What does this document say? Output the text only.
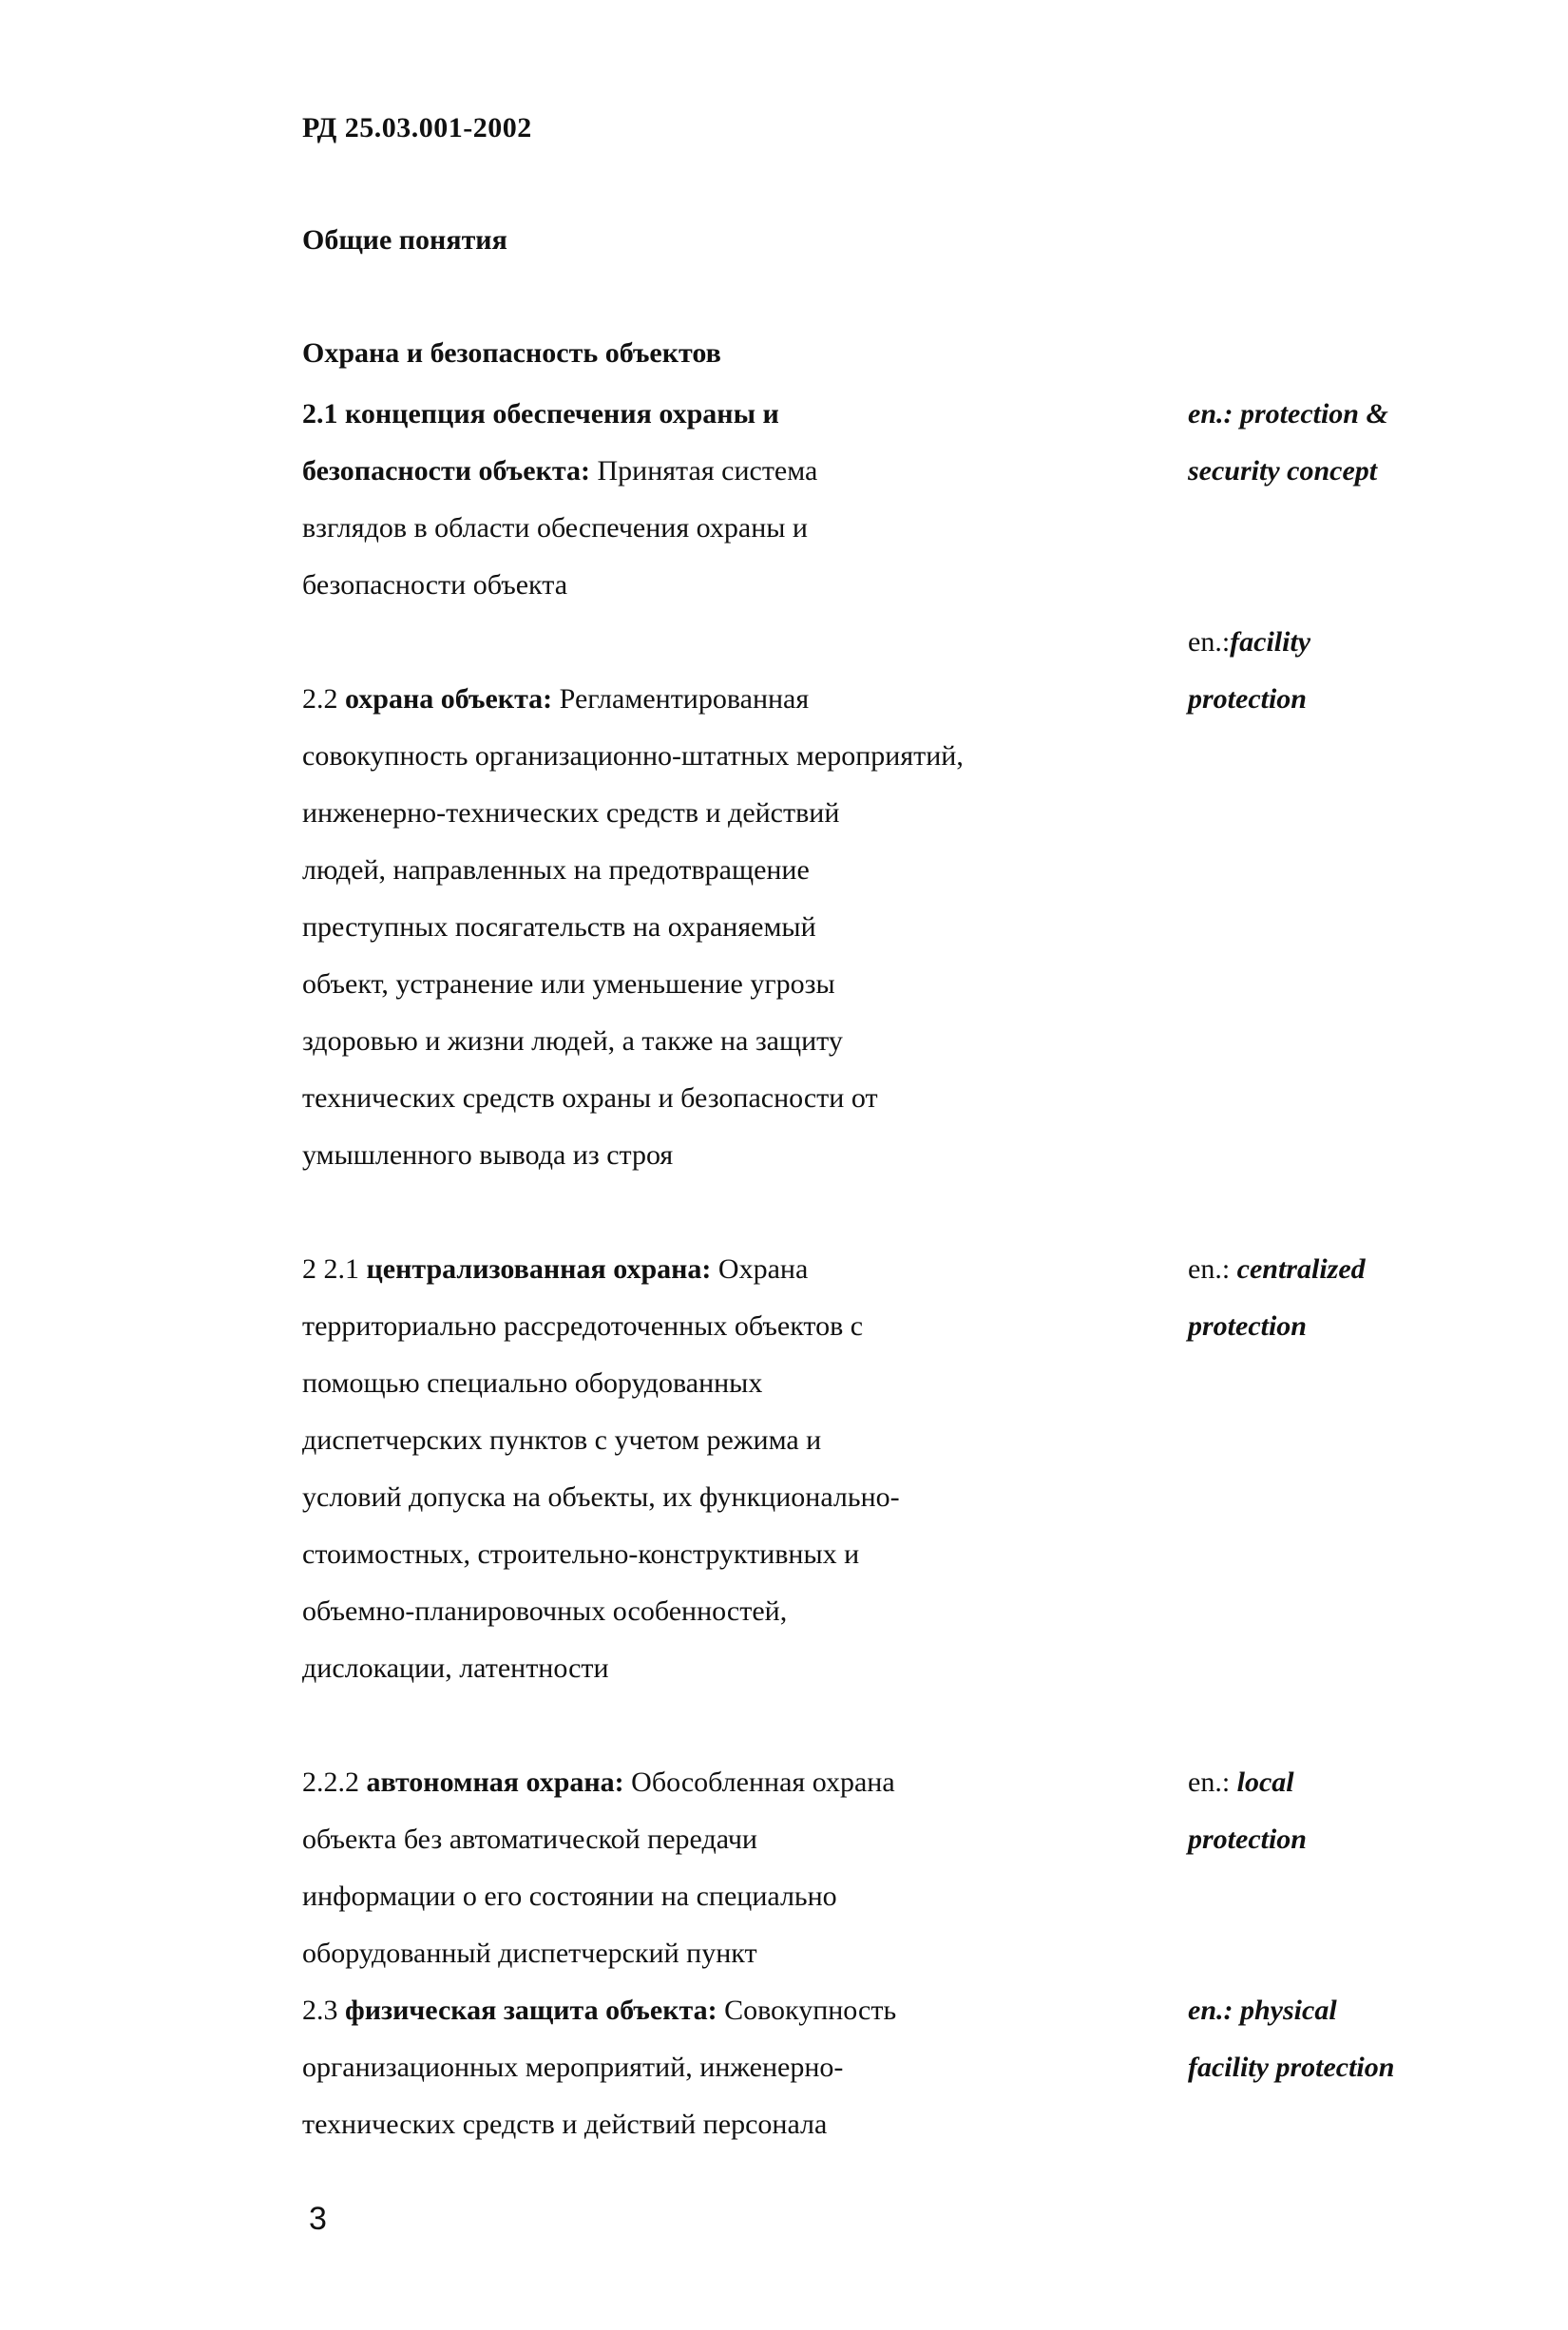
РД 25.03.001-2002
Общие понятия
Охрана и безопасность объектов
2.1 концепция обеспечения охраны и
безопасности объекта: Принятая система
взглядов в области обеспечения охраны и
безопасности объекта
en.: protection &
security concept
2.2 охрана объекта: Регламентированная
совокупность организационно-штатных мероприятий,
инженерно-технических средств и действий
людей, направленных на предотвращение
преступных посягательств на охраняемый
объект, устранение или уменьшение угрозы
здоровью и жизни людей, а также на защиту
технических средств охраны и безопасности от
умышленного вывода из строя
en.:facility
protection
2 2.1 централизованная охрана: Охрана
территориально рассредоточенных объектов с
помощью специально оборудованных
диспетчерских пунктов с учетом режима и
условий допуска на объекты, их функционально-
стоимостных, строительно-конструктивных и
объемно-планировочных особенностей,
дислокации, латентности
en.: centralized
protection
2.2.2 автономная охрана: Обособленная охрана
объекта без автоматической передачи
информации о его состоянии на специально
оборудованный диспетчерский пункт
en.: local
protection
2.3 физическая защита объекта: Совокупность
организационных мероприятий, инженерно-
технических средств и действий персонала
en.: physical
facility protection
3
